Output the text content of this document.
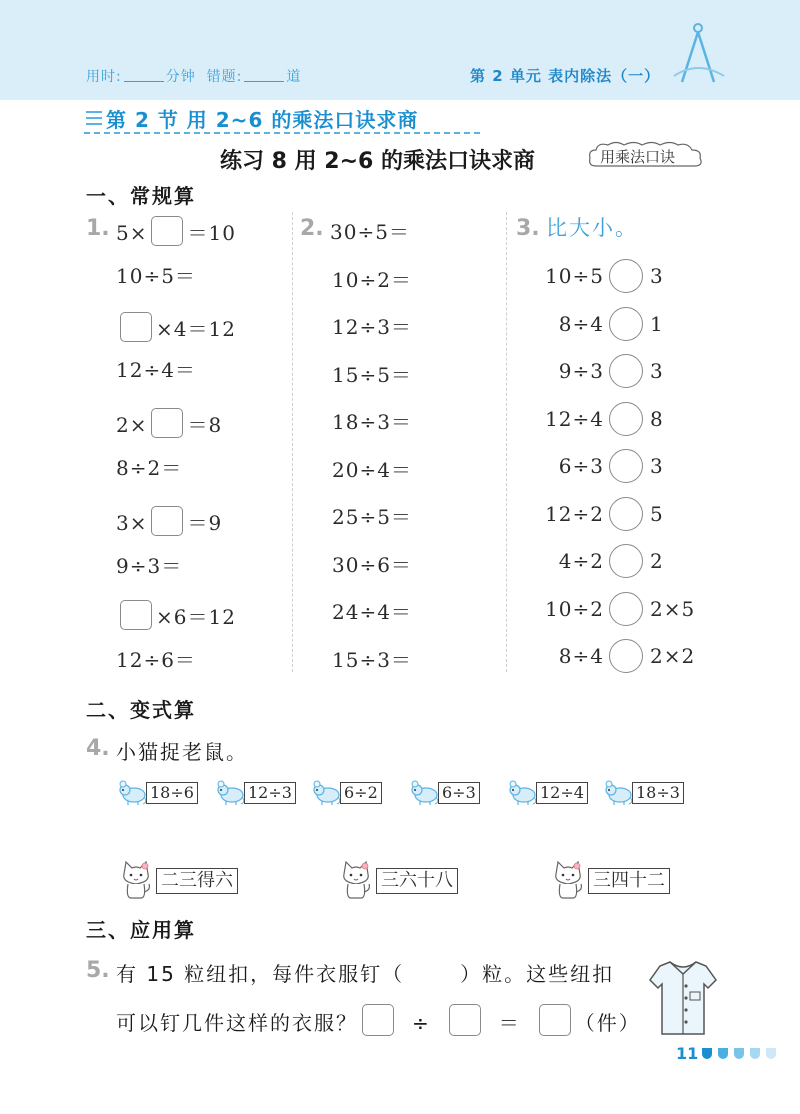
用时:	分钟 错题:	道	第 2 单元 表内除法（一）
第 2 节 用 2~6 的乘法口诀求商
练习 8 用 2~6 的乘法口诀求商	用乘法口诀
一、常规算
1. 5× ＝10
10÷5＝
×4＝12
12÷4＝
2× ＝8
8÷2＝
3× ＝9
9÷3＝
×6＝12
12÷6＝
2. 30÷5＝
10÷2＝
12÷3＝
15÷5＝
18÷3＝
20÷4＝
25÷5＝
30÷6＝
24÷4＝
15÷3＝
3. 比大小。
10÷5 3
8÷4 1
9÷3 3
12÷4 8
6÷3 3
12÷2 5
4÷2 2
10÷2 2×5
8÷4 2×2
二、变式算
4. 小猫捉老鼠。
18÷6	12÷3	6÷2	6÷3	12÷4	18÷3
二三得六	三六十八	三四十二
三、应用算
5. 有 15 粒纽扣，每件衣服钉（	）粒。这些纽扣
可以钉几件这样的衣服？	÷	＝	（件）
11
